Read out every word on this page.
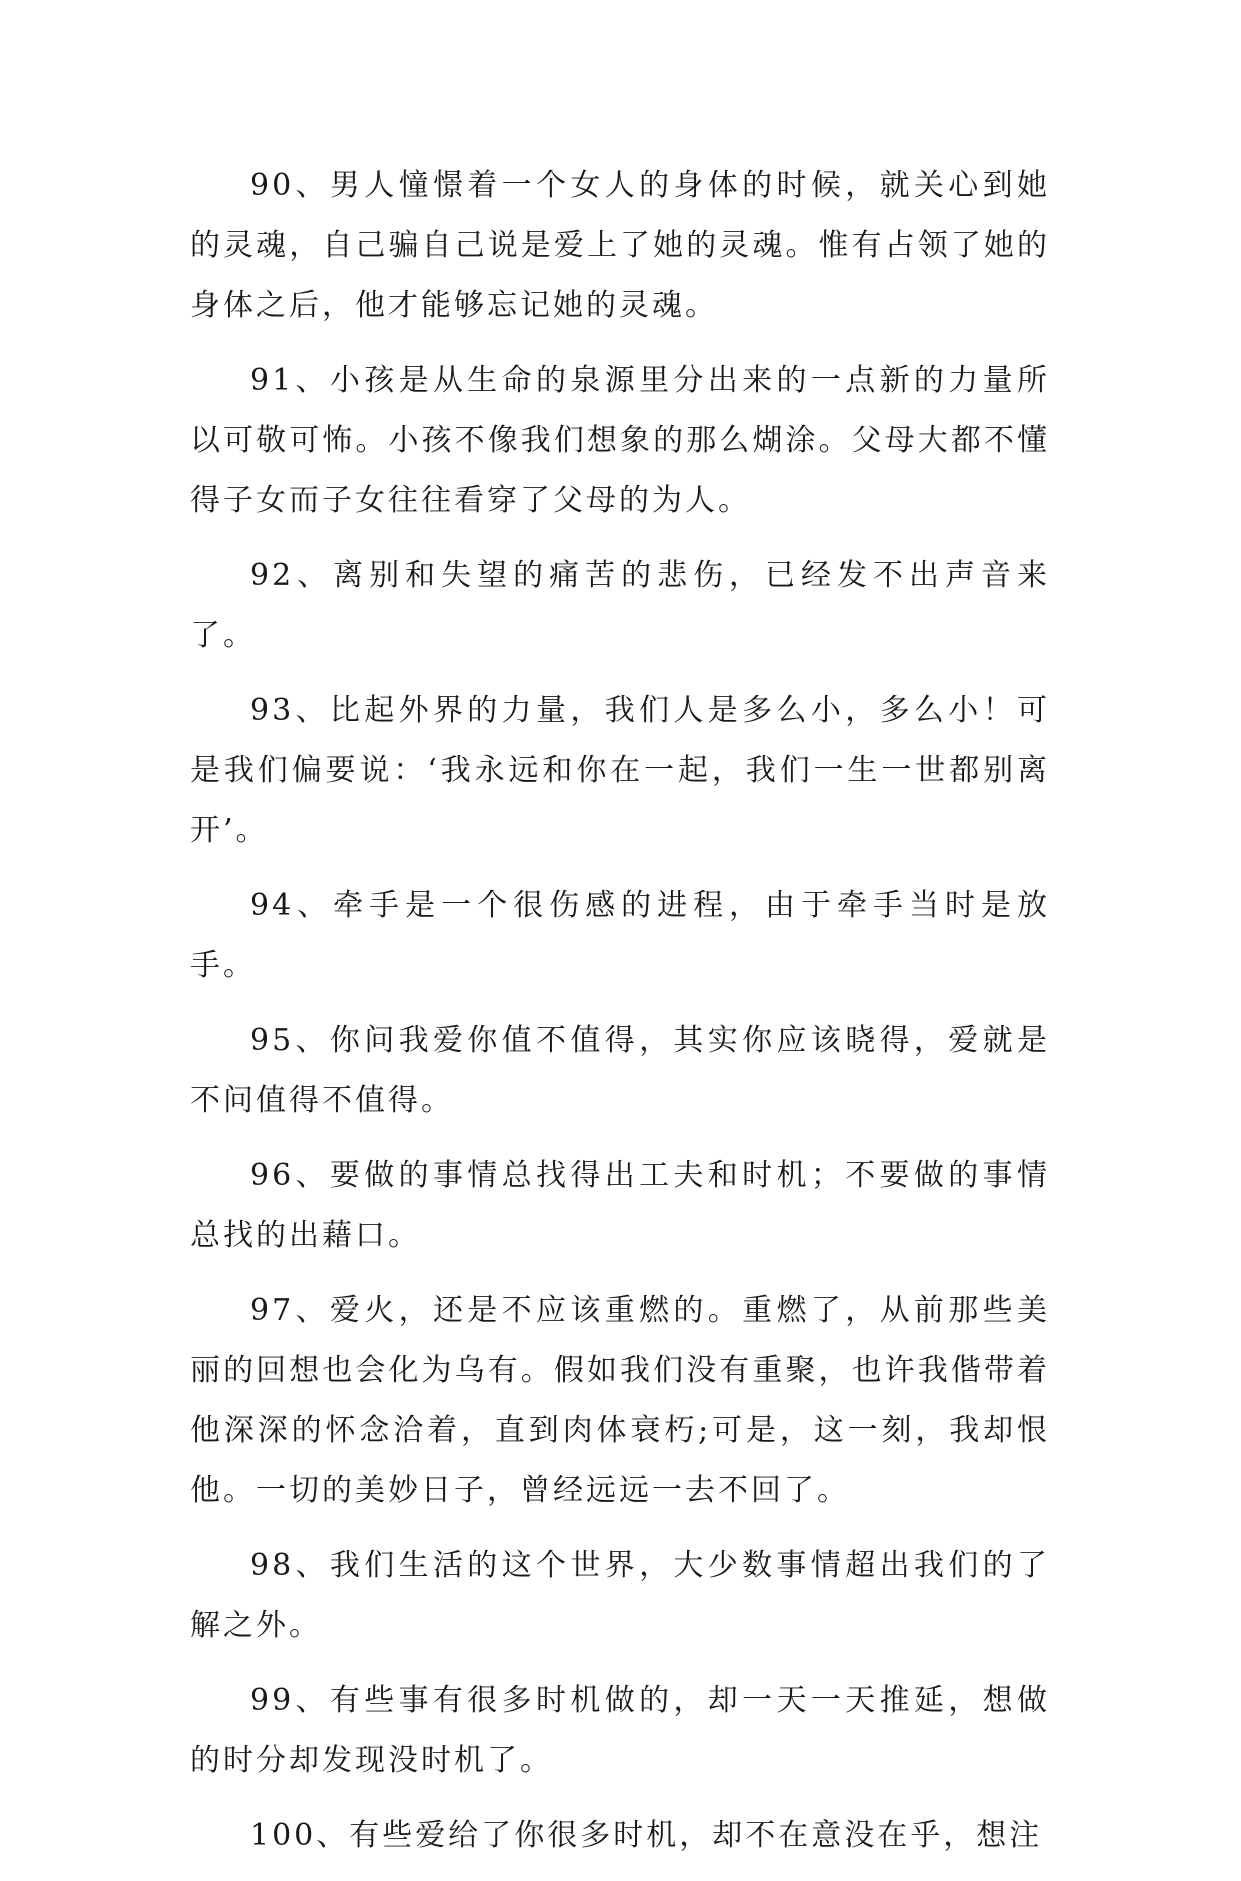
90、男人憧憬着一个女人的身体的时候，就关心到她的灵魂，自己骗自己说是爱上了她的灵魂。惟有占领了她的身体之后，他才能够忘记她的灵魂。

91、小孩是从生命的泉源里分出来的一点新的力量所以可敬可怖。小孩不像我们想象的那么煳涂。父母大都不懂得子女而子女往往看穿了父母的为人。

92、离别和失望的痛苦的悲伤，已经发不出声音来了。

93、比起外界的力量，我们人是多么小，多么小！可是我们偏要说：‘我永远和你在一起，我们一生一世都别离开’。

94、牵手是一个很伤感的进程，由于牵手当时是放手。

95、你问我爱你值不值得，其实你应该晓得，爱就是不问值得不值得。

96、要做的事情总找得出工夫和时机；不要做的事情总找的出藉口。

97、爱火，还是不应该重燃的。重燃了，从前那些美丽的回想也会化为乌有。假如我们没有重聚，也许我偕带着他深深的怀念洽着，直到肉体衰朽;可是，这一刻，我却恨他。一切的美妙日子，曾经远远一去不回了。

98、我们生活的这个世界，大少数事情超出我们的了解之外。

99、有些事有很多时机做的，却一天一天推延，想做的时分却发现没时机了。

100、有些爱给了你很多时机，却不在意没在乎，想注
